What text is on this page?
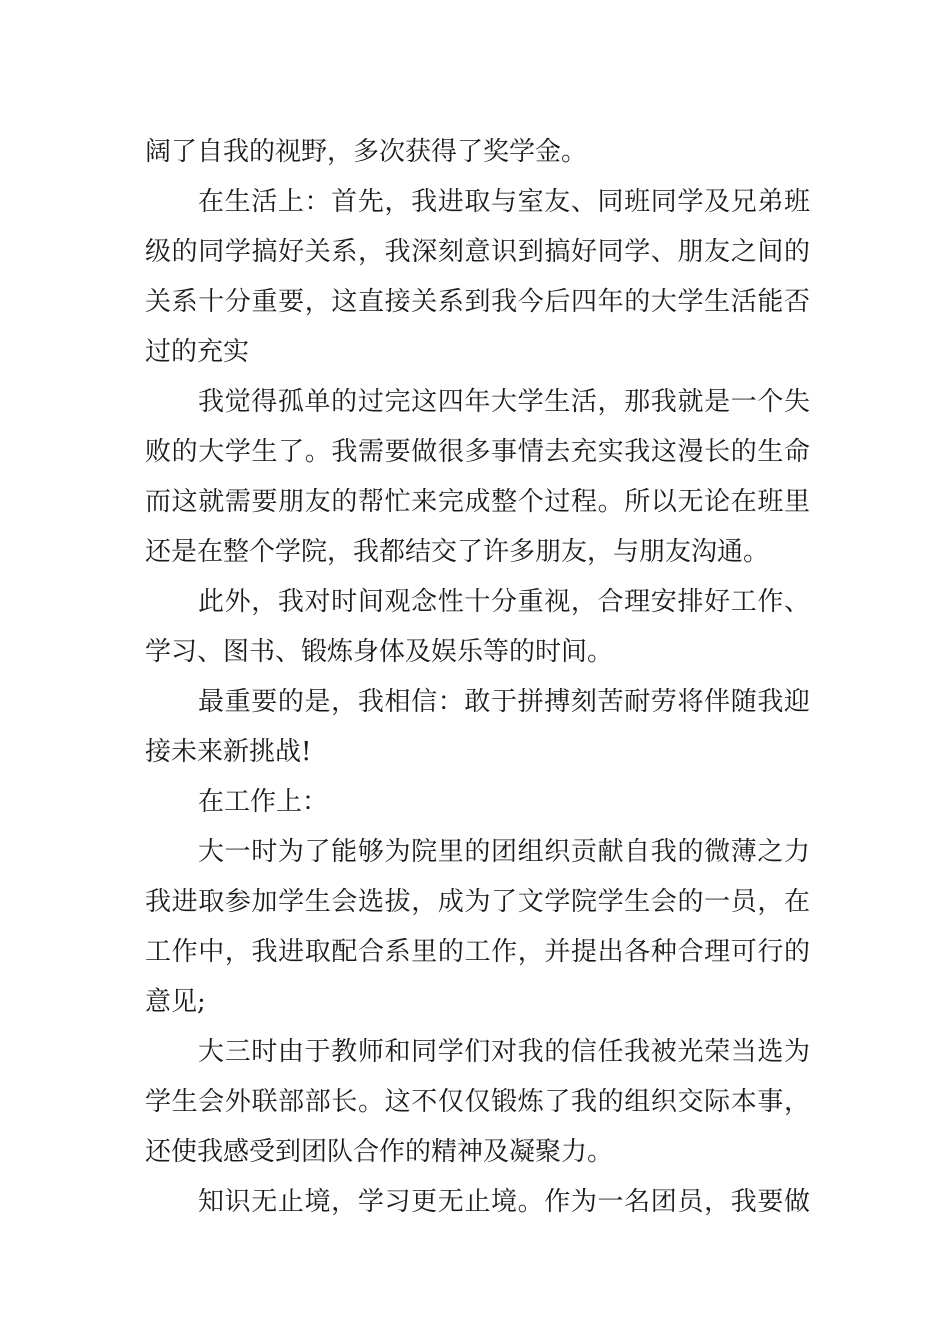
阔了自我的视野，多次获得了奖学金。
在生活上：首先，我进取与室友、同班同学及兄弟班
级的同学搞好关系，我深刻意识到搞好同学、朋友之间的
关系十分重要，这直接关系到我今后四年的大学生活能否
过的充实
我觉得孤单的过完这四年大学生活，那我就是一个失
败的大学生了。我需要做很多事情去充实我这漫长的生命
而这就需要朋友的帮忙来完成整个过程。所以无论在班里
还是在整个学院，我都结交了许多朋友，与朋友沟通。
此外，我对时间观念性十分重视，合理安排好工作、
学习、图书、锻炼身体及娱乐等的时间。
最重要的是，我相信：敢于拼搏刻苦耐劳将伴随我迎
接未来新挑战!
在工作上：
大一时为了能够为院里的团组织贡献自我的微薄之力
我进取参加学生会选拔，成为了文学院学生会的一员，在
工作中，我进取配合系里的工作，并提出各种合理可行的
意见;
大三时由于教师和同学们对我的信任我被光荣当选为
学生会外联部部长。这不仅仅锻炼了我的组织交际本事，
还使我感受到团队合作的精神及凝聚力。
知识无止境，学习更无止境。作为一名团员，我要做
